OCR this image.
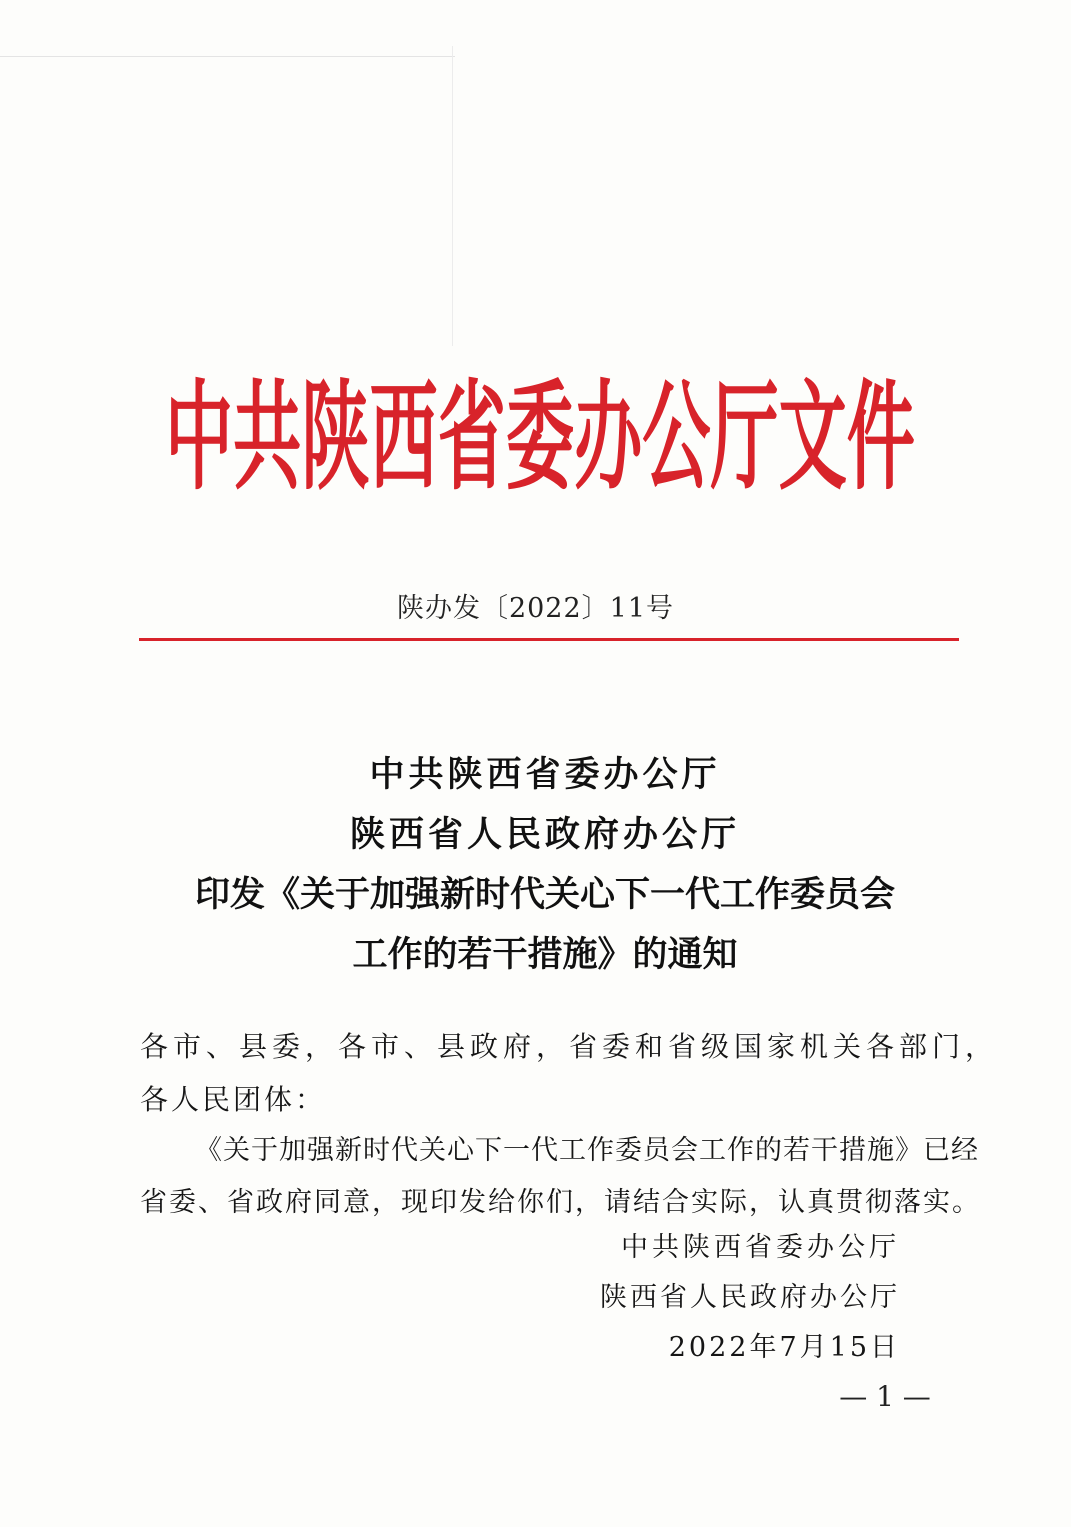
中共陕西省委办公厅文件
陕办发〔2022〕11号
中共陕西省委办公厅
陕西省人民政府办公厅
印发《关于加强新时代关心下一代工作委员会
工作的若干措施》的通知
各市、县委，各市、县政府，省委和省级国家机关各部门，
各人民团体：
《关于加强新时代关心下一代工作委员会工作的若干措施》已经
省委、省政府同意，现印发给你们，请结合实际，认真贯彻落实。
中共陕西省委办公厅
陕西省人民政府办公厅
2022年7月15日
— 1 —
